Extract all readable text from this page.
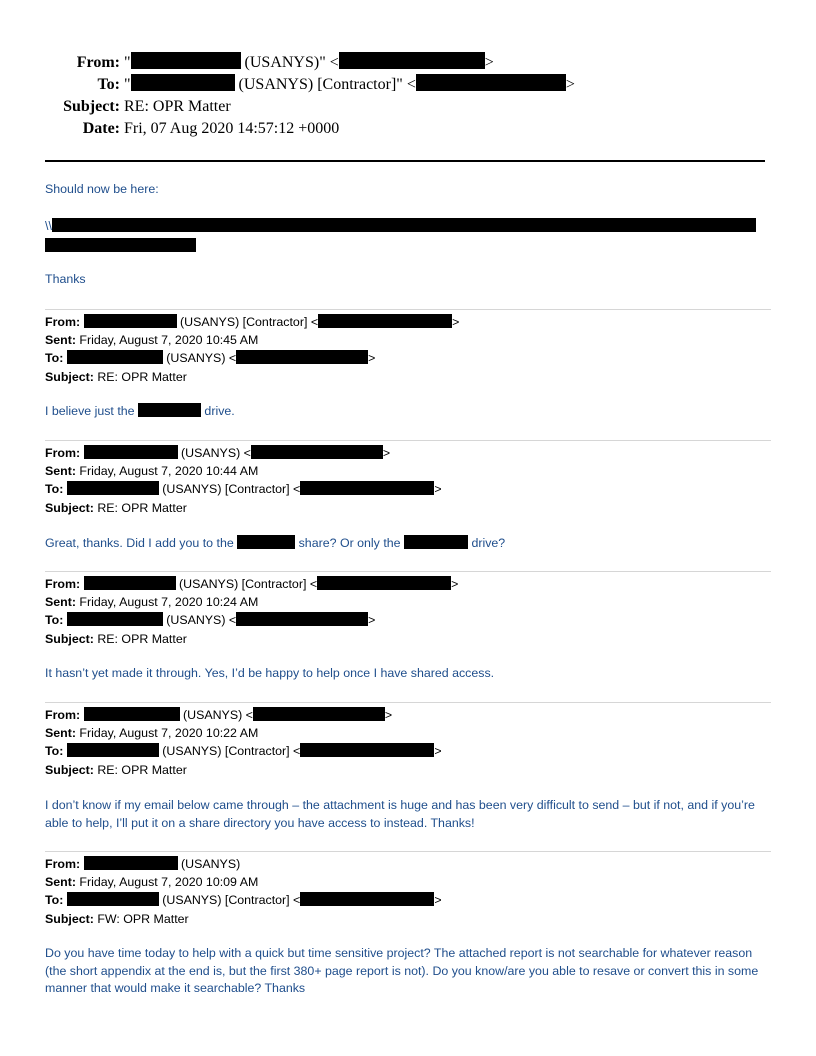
From: "	(USANYS)" <	>
To: "	(USANYS) [Contractor]" <	>
Subject: RE: OPR Matter
Date: Fri, 07 Aug 2020 14:57:12 +0000
Should now be here:
\\
Thanks
From:	(USANYS) [Contractor] <	>
Sent: Friday, August 7, 2020 10:45 AM
To:	(USANYS) <	>
Subject: RE: OPR Matter
I believe just the	drive.
From:	(USANYS) <	>
Sent: Friday, August 7, 2020 10:44 AM
To:	(USANYS) [Contractor] <	>
Subject: RE: OPR Matter
Great, thanks. Did I add you to the	share? Or only the	drive?
From:	(USANYS) [Contractor] <	>
Sent: Friday, August 7, 2020 10:24 AM
To:	(USANYS) <	>
Subject: RE: OPR Matter
It hasn’t yet made it through. Yes, I’d be happy to help once I have shared access.
From:	(USANYS) <	>
Sent: Friday, August 7, 2020 10:22 AM
To:	(USANYS) [Contractor] <	>
Subject: RE: OPR Matter
I don’t know if my email below came through – the attachment is huge and has been very difficult to send – but if not, and if you’re able to help, I’ll put it on a share directory you have access to instead. Thanks!
From:	(USANYS)
Sent: Friday, August 7, 2020 10:09 AM
To:	(USANYS) [Contractor] <	>
Subject: FW: OPR Matter
Do you have time today to help with a quick but time sensitive project? The attached report is not searchable for whatever reason (the short appendix at the end is, but the first 380+ page report is not). Do you know/are you able to resave or convert this in some manner that would make it searchable? Thanks
